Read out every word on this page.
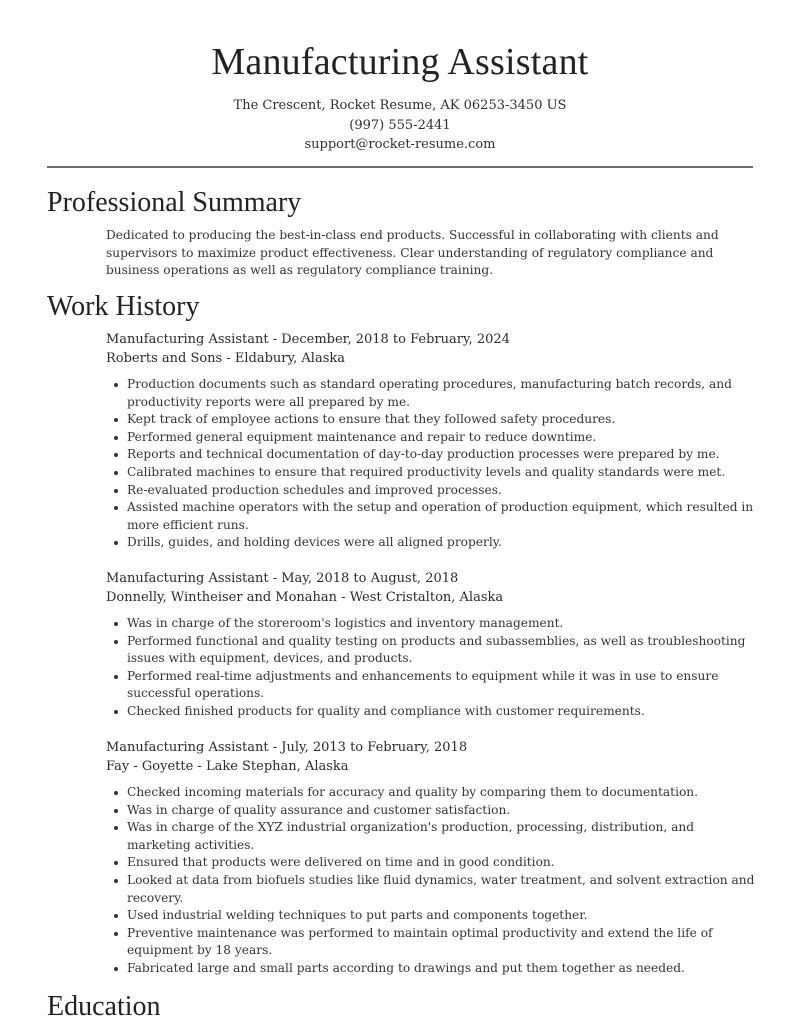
Manufacturing Assistant
The Crescent, Rocket Resume, AK 06253-3450 US
(997) 555-2441
support@rocket-resume.com
Professional Summary

Dedicated to producing the best-in-class end products. Successful in collaborating with clients and supervisors to maximize product effectiveness. Clear understanding of regulatory compliance and business operations as well as regulatory compliance training.

Work History
Manufacturing Assistant - December, 2018 to February, 2024
Roberts and Sons - Eldabury, Alaska
Production documents such as standard operating procedures, manufacturing batch records, and productivity reports were all prepared by me.
Kept track of employee actions to ensure that they followed safety procedures.
Performed general equipment maintenance and repair to reduce downtime.
Reports and technical documentation of day-to-day production processes were prepared by me.
Calibrated machines to ensure that required productivity levels and quality standards were met.
Re-evaluated production schedules and improved processes.
Assisted machine operators with the setup and operation of production equipment, which resulted in more efficient runs.
Drills, guides, and holding devices were all aligned properly.
Manufacturing Assistant - May, 2018 to August, 2018
Donnelly, Wintheiser and Monahan - West Cristalton, Alaska
Was in charge of the storeroom's logistics and inventory management.
Performed functional and quality testing on products and subassemblies, as well as troubleshooting issues with equipment, devices, and products.
Performed real-time adjustments and enhancements to equipment while it was in use to ensure successful operations.
Checked finished products for quality and compliance with customer requirements.
Manufacturing Assistant - July, 2013 to February, 2018
Fay - Goyette - Lake Stephan, Alaska
Checked incoming materials for accuracy and quality by comparing them to documentation.
Was in charge of quality assurance and customer satisfaction.
Was in charge of the XYZ industrial organization's production, processing, distribution, and marketing activities.
Ensured that products were delivered on time and in good condition.
Looked at data from biofuels studies like fluid dynamics, water treatment, and solvent extraction and recovery.
Used industrial welding techniques to put parts and components together.
Preventive maintenance was performed to maintain optimal productivity and extend the life of equipment by 18 years.
Fabricated large and small parts according to drawings and put them together as needed.
Education
